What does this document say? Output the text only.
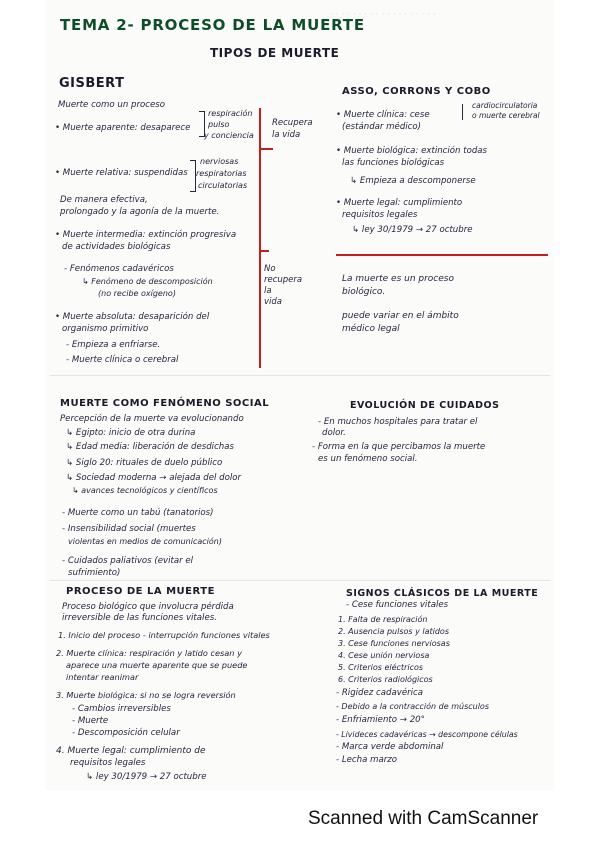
· · · · · · · · · · · · · · · · · · ·
TEMA 2- PROCESO DE LA MUERTE
TIPOS DE MUERTE
GISBERT
Muerte como un proceso
• Muerte aparente: desaparece
respiración
pulso
y conciencia
Recupera
la vida
• Muerte relativa: suspendidas
nerviosas
respiratorias
circulatorias
De manera efectiva,
prolongado y la agonía de la muerte.
• Muerte intermedia: extinción progresiva
de actividades biológicas
- Fenómenos cadavéricos
↳ Fenómeno de descomposición
(no recibe oxígeno)
No
recupera
la
vida
• Muerte absoluta: desaparición del
organismo primitivo
- Empieza a enfriarse.
- Muerte clínica o cerebral
ASSO, CORRONS Y COBO
cardiocirculatoria
o muerte cerebral
• Muerte clínica: cese
(estándar médico)
• Muerte biológica: extinción todas
las funciones biológicas
↳ Empieza a descomponerse
• Muerte legal: cumplimiento
requisitos legales
↳ ley 30/1979 → 27 octubre
La muerte es un proceso
biológico.
puede variar en el ámbito
médico legal
MUERTE COMO FENÓMENO SOCIAL
Percepción de la muerte va evolucionando
↳ Egipto: inicio de otra durina
↳ Edad media: liberación de desdichas
↳ Siglo 20: rituales de duelo público
↳ Sociedad moderna → alejada del dolor
↳ avances tecnológicos y científicos
- Muerte como un tabú (tanatorios)
- Insensibilidad social (muertes
violentas en medios de comunicación)
- Cuidados paliativos (evitar el
sufrimiento)
EVOLUCIÓN DE CUIDADOS
- En muchos hospitales para tratar el
dolor.
- Forma en la que percibamos la muerte
es un fenómeno social.
PROCESO DE LA MUERTE
Proceso biológico que involucra pérdida
irreversible de las funciones vitales.
1. Inicio del proceso - interrupción funciones vitales
2. Muerte clínica: respiración y latido cesan y
aparece una muerte aparente que se puede
intentar reanimar
3. Muerte biológica: si no se logra reversión
- Cambios irreversibles
- Muerte
- Descomposición celular
4. Muerte legal: cumplimiento de
requisitos legales
↳ ley 30/1979 → 27 octubre
SIGNOS CLÁSICOS DE LA MUERTE
- Cese funciones vitales
1. Falta de respiración
2. Ausencia pulsos y latidos
3. Cese funciones nerviosas
4. Cese unión nerviosa
5. Criterios eléctricos
6. Criterios radiológicos
- Rigidez cadavérica
- Debido a la contracción de músculos
- Enfriamiento → 20°
- Livideces cadavéricas → descompone células
- Marca verde abdominal
- Lecha marzo
Scanned with CamScanner
